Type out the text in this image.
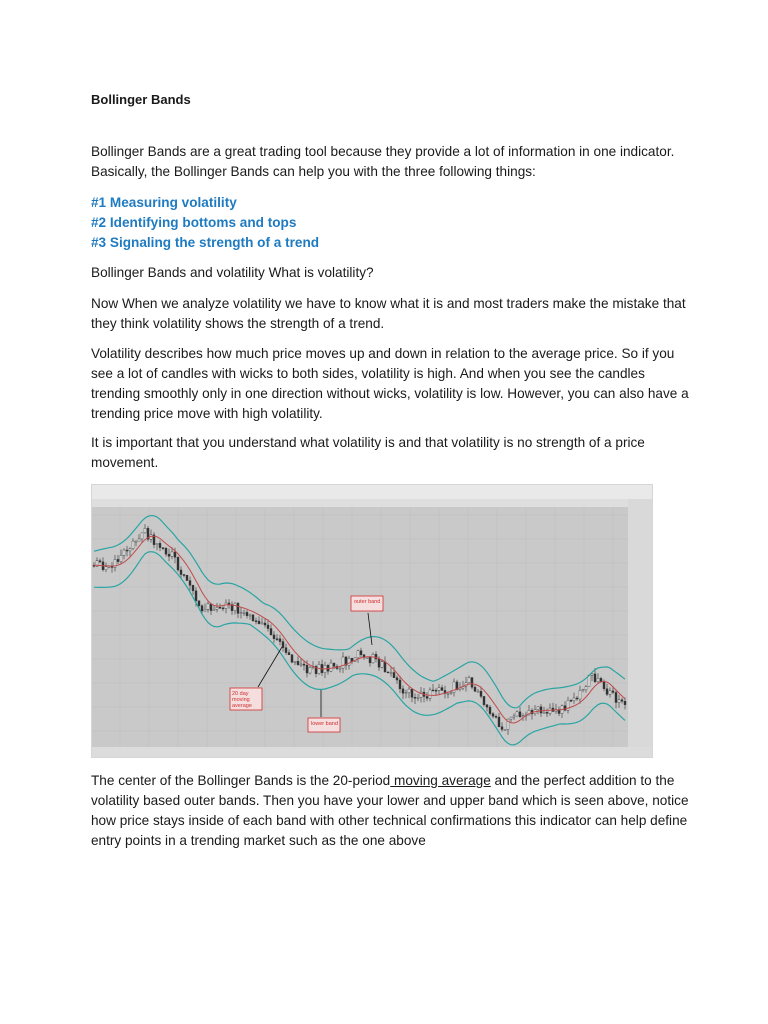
Bollinger Bands

Bollinger Bands are a great trading tool because they provide a lot of information in one indicator. Basically, the Bollinger Bands can help you with the three following things:

#1 Measuring volatility
#2 Identifying bottoms and tops
#3 Signaling the strength of a trend

Bollinger Bands and volatility What is volatility?

Now When we analyze volatility we have to know what it is and most traders make the mistake that they think volatility shows the strength of a trend.

Volatility describes how much price moves up and down in relation to the average price. So if you see a lot of candles with wicks to both sides, volatility is high. And when you see the candles trending smoothly only in one direction without wicks, volatility is low. However, you can also have a trending price move with high volatility.

It is important that you understand what volatility is and that volatility is no strength of a price movement.

outer band
20 day
moving
average
lower band

The center of the Bollinger Bands is the 20-period moving average and the perfect addition to the volatility based outer bands. Then you have your lower and upper band which is seen above, notice how price stays inside of each band with other technical confirmations this indicator can help define entry points in a trending market such as the one above
